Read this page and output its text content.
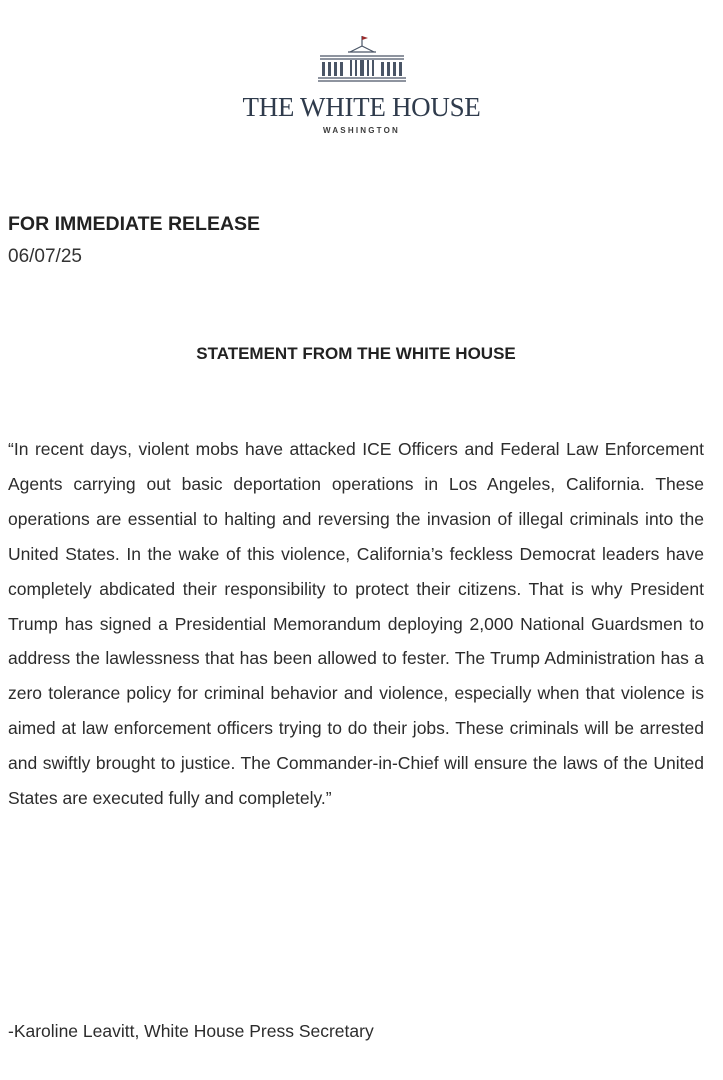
THE WHITE HOUSE
WASHINGTON
FOR IMMEDIATE RELEASE
06/07/25
STATEMENT FROM THE WHITE HOUSE

“In recent days, violent mobs have attacked ICE Officers and Federal Law Enforcement Agents carrying out basic deportation operations in Los Angeles, California. These operations are essential to halting and reversing the invasion of illegal criminals into the United States. In the wake of this violence, California’s feckless Democrat leaders have completely abdicated their responsibility to protect their citizens. That is why President Trump has signed a Presidential Memorandum deploying 2,000 National Guardsmen to address the lawlessness that has been allowed to fester. The Trump Administration has a zero tolerance policy for criminal behavior and violence, especially when that violence is aimed at law enforcement officers trying to do their jobs. These criminals will be arrested and swiftly brought to justice. The Commander-in-Chief will ensure the laws of the United States are executed fully and completely.”

-Karoline Leavitt, White House Press Secretary
